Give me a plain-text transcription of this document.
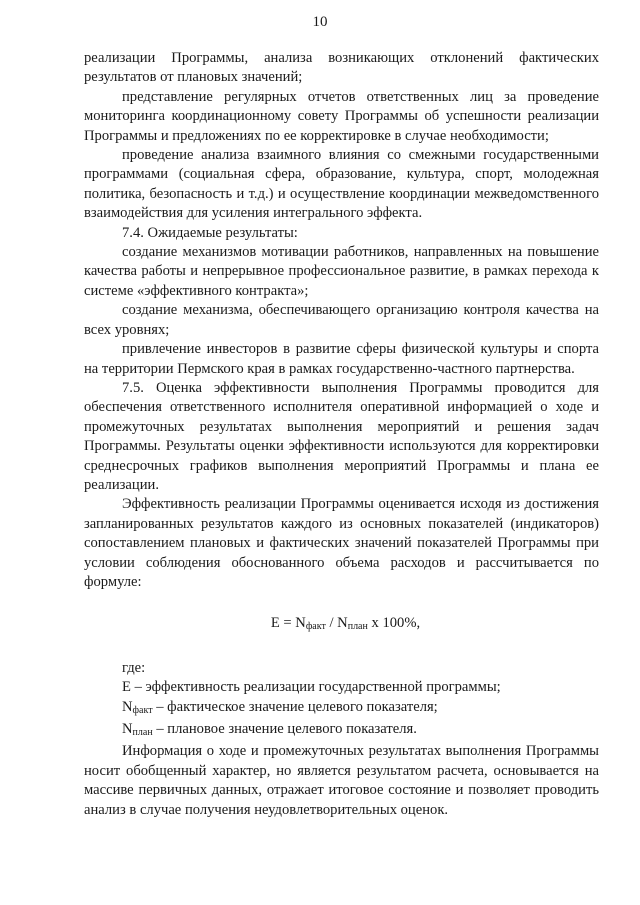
10

реализации Программы, анализа возникающих отклонений фактических результатов от плановых значений;

представление регулярных отчетов ответственных лиц за проведение мониторинга координационному совету Программы об успешности реализации Программы и предложениях по ее корректировке в случае необходимости;

проведение анализа взаимного влияния со смежными государственными программами (социальная сфера, образование, культура, спорт, молодежная политика, безопасность и т.д.) и осуществление координации межведомственного взаимодействия для усиления интегрального эффекта.

7.4. Ожидаемые результаты:

создание механизмов мотивации работников, направленных на повышение качества работы и непрерывное профессиональное развитие, в рамках перехода к системе «эффективного контракта»;

создание механизма, обеспечивающего организацию контроля качества на всех уровнях;

привлечение инвесторов в развитие сферы физической культуры и спорта на территории Пермского края в рамках государственно-частного партнерства.

7.5. Оценка эффективности выполнения Программы проводится для обеспечения ответственного исполнителя оперативной информацией о ходе и промежуточных результатах выполнения мероприятий и решения задач Программы. Результаты оценки эффективности используются для корректировки среднесрочных графиков выполнения мероприятий Программы и плана ее реализации.

Эффективность реализации Программы оценивается исходя из достижения запланированных результатов каждого из основных показателей (индикаторов) сопоставлением плановых и фактических значений показателей Программы при условии соблюдения обоснованного объема расходов и рассчитывается по формуле:

$E = N_{факт} / N_{план}$ x 100%,

где:

E – эффективность реализации государственной программы;

$N_{факт}$ – фактическое значение целевого показателя;

$N_{план}$ – плановое значение целевого показателя.

Информация о ходе и промежуточных результатах выполнения Программы носит обобщенный характер, но является результатом расчета, основывается на массиве первичных данных, отражает итоговое состояние и позволяет проводить анализ в случае получения неудовлетворительных оценок.
